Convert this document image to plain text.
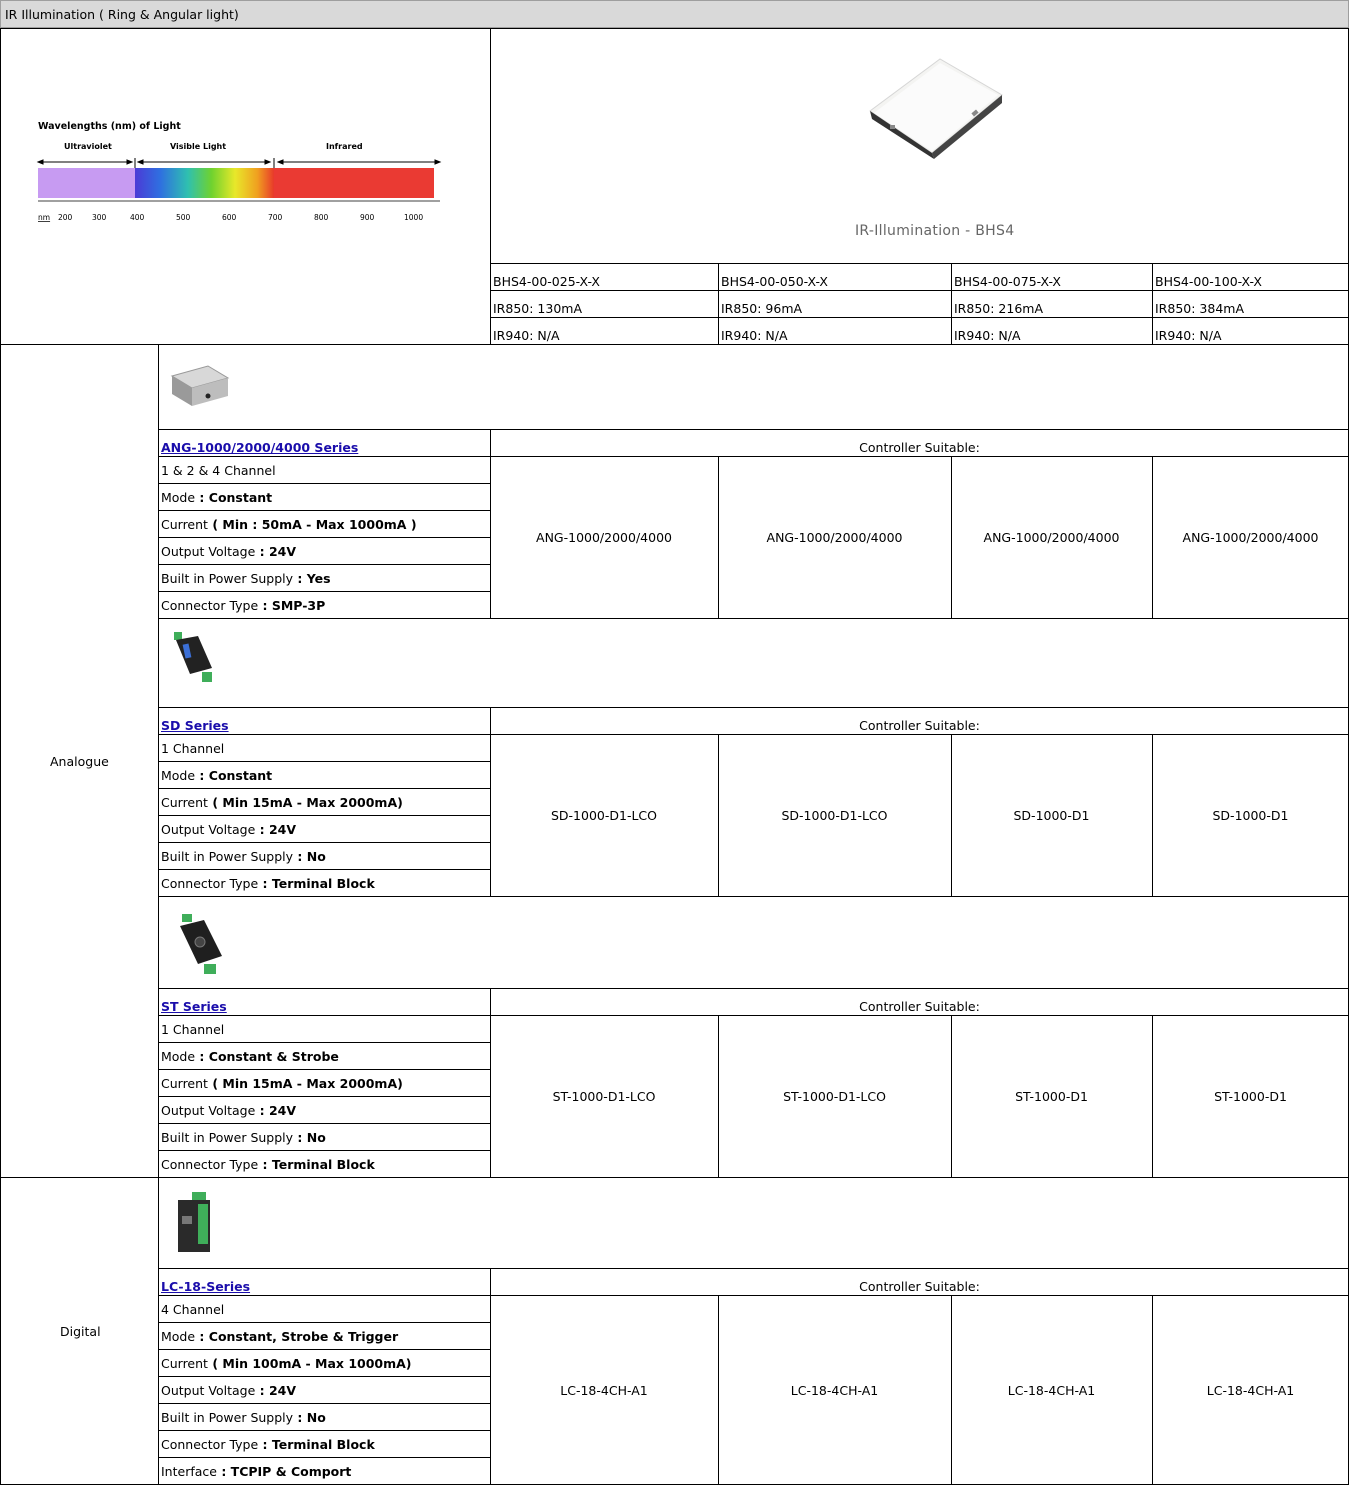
IR Illumination ( Ring & Angular light)
Wavelengths (nm) of Light
Ultraviolet	Visible Light	Infrared
nm 200	300	400	500	600	700	800	900	1000
IR-Illumination - BHS4
BHS4-00-025-X-X	BHS4-00-050-X-X	BHS4-00-075-X-X	BHS4-00-100-X-X
IR850: 130mA	IR850: 96mA	IR850: 216mA	IR850: 384mA
IR940: N/A	IR940: N/A	IR940: N/A	IR940: N/A
Analogue
Digital
ANG-1000/2000/4000 Series
1 & 2 & 4 Channel
Mode : Constant
Current ( Min : 50mA - Max 1000mA )
Output Voltage : 24V
Built in Power Supply : Yes
Connector Type : SMP-3P
Controller Suitable:
ANG-1000/2000/4000	ANG-1000/2000/4000	ANG-1000/2000/4000	ANG-1000/2000/4000
SD Series
1 Channel
Mode : Constant
Current ( Min 15mA - Max 2000mA)
Output Voltage : 24V
Built in Power Supply : No
Connector Type : Terminal Block
Controller Suitable:
SD-1000-D1-LCO	SD-1000-D1-LCO	SD-1000-D1	SD-1000-D1
ST Series
1 Channel
Mode : Constant & Strobe
Current ( Min 15mA - Max 2000mA)
Output Voltage : 24V
Built in Power Supply : No
Connector Type : Terminal Block
Controller Suitable:
ST-1000-D1-LCO	ST-1000-D1-LCO	ST-1000-D1	ST-1000-D1
LC-18-Series
4 Channel
Mode : Constant, Strobe & Trigger
Current ( Min 100mA - Max 1000mA)
Output Voltage : 24V
Built in Power Supply : No
Connector Type : Terminal Block
Interface : TCPIP & Comport
Controller Suitable:
LC-18-4CH-A1	LC-18-4CH-A1	LC-18-4CH-A1	LC-18-4CH-A1
